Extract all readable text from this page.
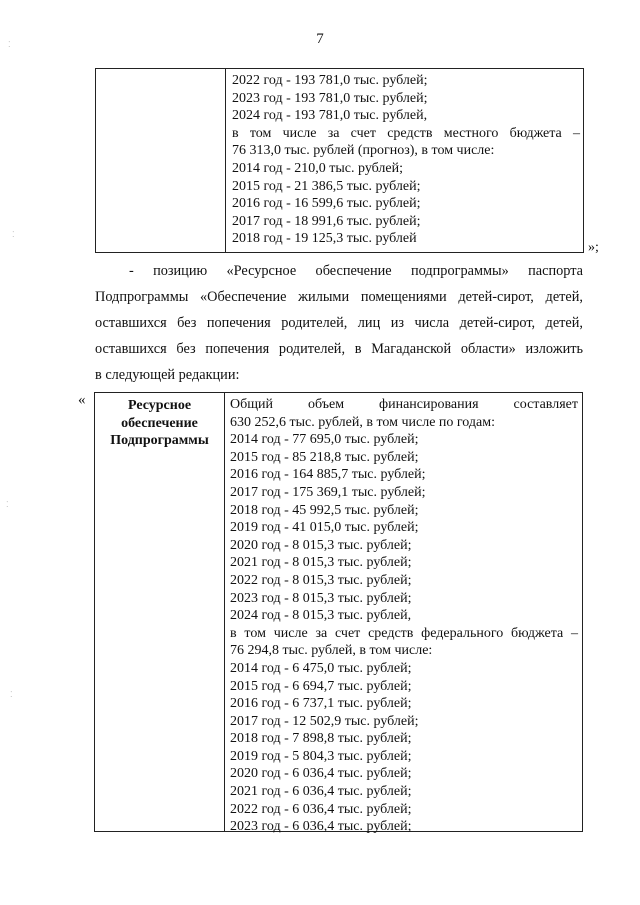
7
2022 год - 193 781,0 тыс. рублей;
2023 год - 193 781,0 тыс. рублей;
2024 год - 193 781,0 тыс. рублей,
в том числе за счет средств местного бюджета –
76 313,0 тыс. рублей (прогноз), в том числе:
2014 год - 210,0 тыс. рублей;
2015 год - 21 386,5 тыс. рублей;
2016 год - 16 599,6 тыс. рублей;
2017 год - 18 991,6 тыс. рублей;
2018 год - 19 125,3 тыс. рублей
»;
- позицию «Ресурсное обеспечение подпрограммы» паспорта
Подпрограммы «Обеспечение жилыми помещениями детей-сирот, детей,
оставшихся без попечения родителей, лиц из числа детей-сирот, детей,
оставшихся без попечения родителей, в Магаданской области» изложить
в следующей редакции:
«	Ресурсное
обеспечение
Подпрограммы
Общий объем финансирования составляет
630 252,6 тыс. рублей, в том числе по годам:
2014 год - 77 695,0 тыс. рублей;
2015 год - 85 218,8 тыс. рублей;
2016 год - 164 885,7 тыс. рублей;
2017 год - 175 369,1 тыс. рублей;
2018 год - 45 992,5 тыс. рублей;
2019 год - 41 015,0 тыс. рублей;
2020 год - 8 015,3 тыс. рублей;
2021 год - 8 015,3 тыс. рублей;
2022 год - 8 015,3 тыс. рублей;
2023 год - 8 015,3 тыс. рублей;
2024 год - 8 015,3 тыс. рублей,
в том числе за счет средств федерального бюджета –
76 294,8 тыс. рублей, в том числе:
2014 год - 6 475,0 тыс. рублей;
2015 год - 6 694,7 тыс. рублей;
2016 год - 6 737,1 тыс. рублей;
2017 год - 12 502,9 тыс. рублей;
2018 год - 7 898,8 тыс. рублей;
2019 год - 5 804,3 тыс. рублей;
2020 год - 6 036,4 тыс. рублей;
2021 год - 6 036,4 тыс. рублей;
2022 год - 6 036,4 тыс. рублей;
2023 год - 6 036,4 тыс. рублей;
⁚
⁚
⁚
⁚
